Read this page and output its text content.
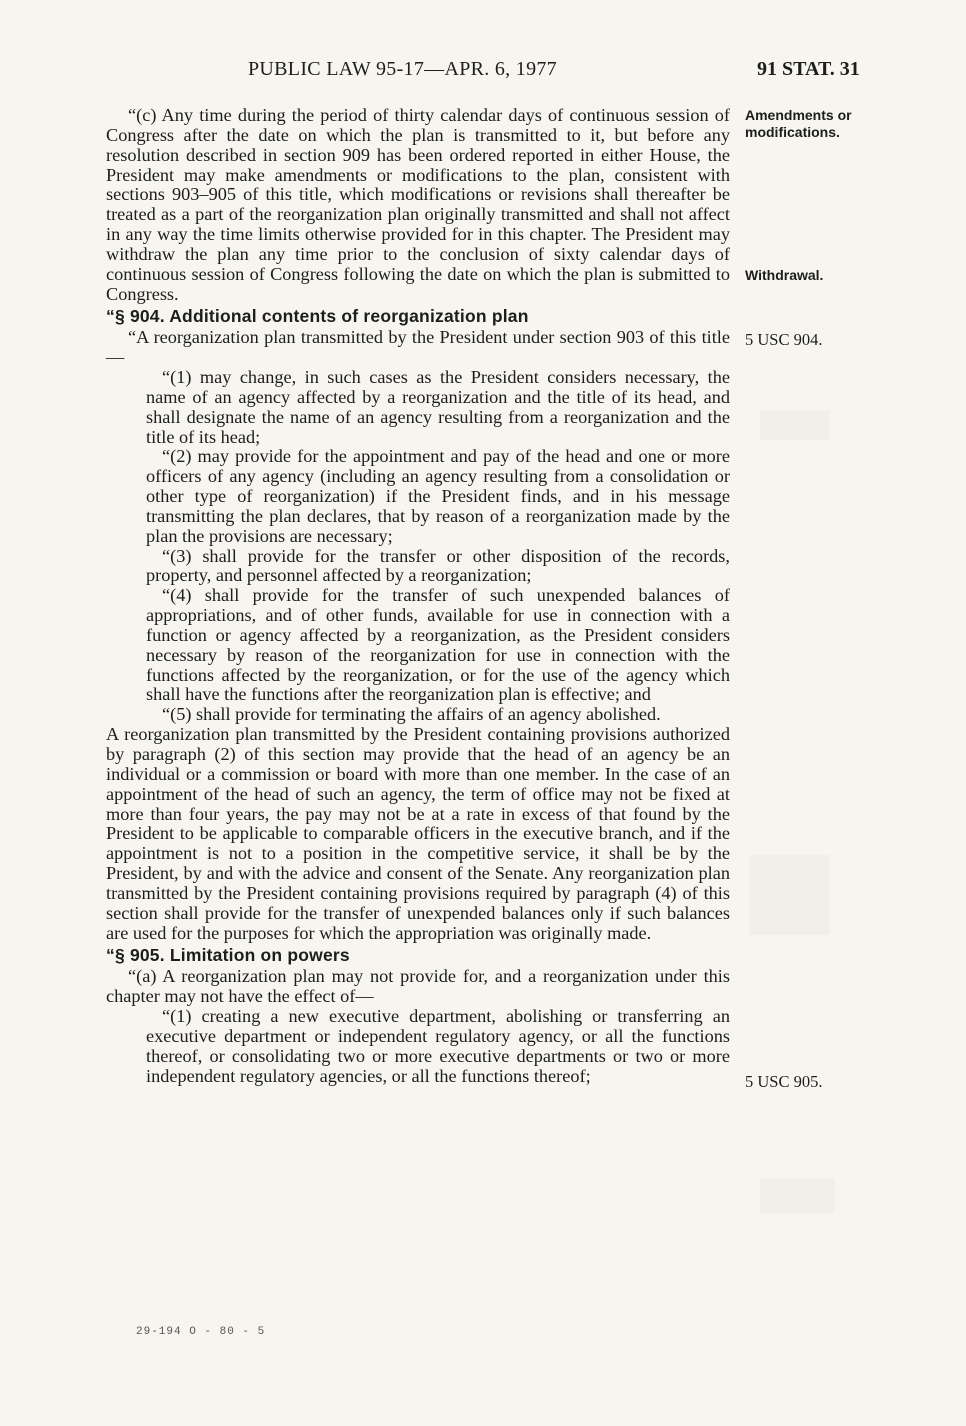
PUBLIC LAW 95-17—APR. 6, 1977	91 STAT. 31
Amendments or modifications.
Withdrawal.
5 USC 904.
5 USC 905.

“(c) Any time during the period of thirty calendar days of continuous session of Congress after the date on which the plan is transmitted to it, but before any resolution described in section 909 has been ordered reported in either House, the President may make amendments or modifications to the plan, consistent with sections 903–905 of this title, which modifications or revisions shall thereafter be treated as a part of the reorganization plan originally transmitted and shall not affect in any way the time limits otherwise provided for in this chapter. The President may withdraw the plan any time prior to the conclusion of sixty calendar days of continuous session of Congress following the date on which the plan is submitted to Congress.

“§ 904. Additional contents of reorganization plan

“A reorganization plan transmitted by the President under section 903 of this title—

“(1) may change, in such cases as the President considers necessary, the name of an agency affected by a reorganization and the title of its head, and shall designate the name of an agency resulting from a reorganization and the title of its head;

“(2) may provide for the appointment and pay of the head and one or more officers of any agency (including an agency resulting from a consolidation or other type of reorganization) if the President finds, and in his message transmitting the plan declares, that by reason of a reorganization made by the plan the provisions are necessary;

“(3) shall provide for the transfer or other disposition of the records, property, and personnel affected by a reorganization;

“(4) shall provide for the transfer of such unexpended balances of appropriations, and of other funds, available for use in connection with a function or agency affected by a reorganization, as the President considers necessary by reason of the reorganization for use in connection with the functions affected by the reorganization, or for the use of the agency which shall have the functions after the reorganization plan is effective; and

“(5) shall provide for terminating the affairs of an agency abolished.

A reorganization plan transmitted by the President containing provisions authorized by paragraph (2) of this section may provide that the head of an agency be an individual or a commission or board with more than one member. In the case of an appointment of the head of such an agency, the term of office may not be fixed at more than four years, the pay may not be at a rate in excess of that found by the President to be applicable to comparable officers in the executive branch, and if the appointment is not to a position in the competitive service, it shall be by the President, by and with the advice and consent of the Senate. Any reorganization plan transmitted by the President containing provisions required by paragraph (4) of this section shall provide for the transfer of unexpended balances only if such balances are used for the purposes for which the appropriation was originally made.

“§ 905. Limitation on powers

“(a) A reorganization plan may not provide for, and a reorganization under this chapter may not have the effect of—

“(1) creating a new executive department, abolishing or transferring an executive department or independent regulatory agency, or all the functions thereof, or consolidating two or more executive departments or two or more independent regulatory agencies, or all the functions thereof;

29-194 O - 80 - 5
